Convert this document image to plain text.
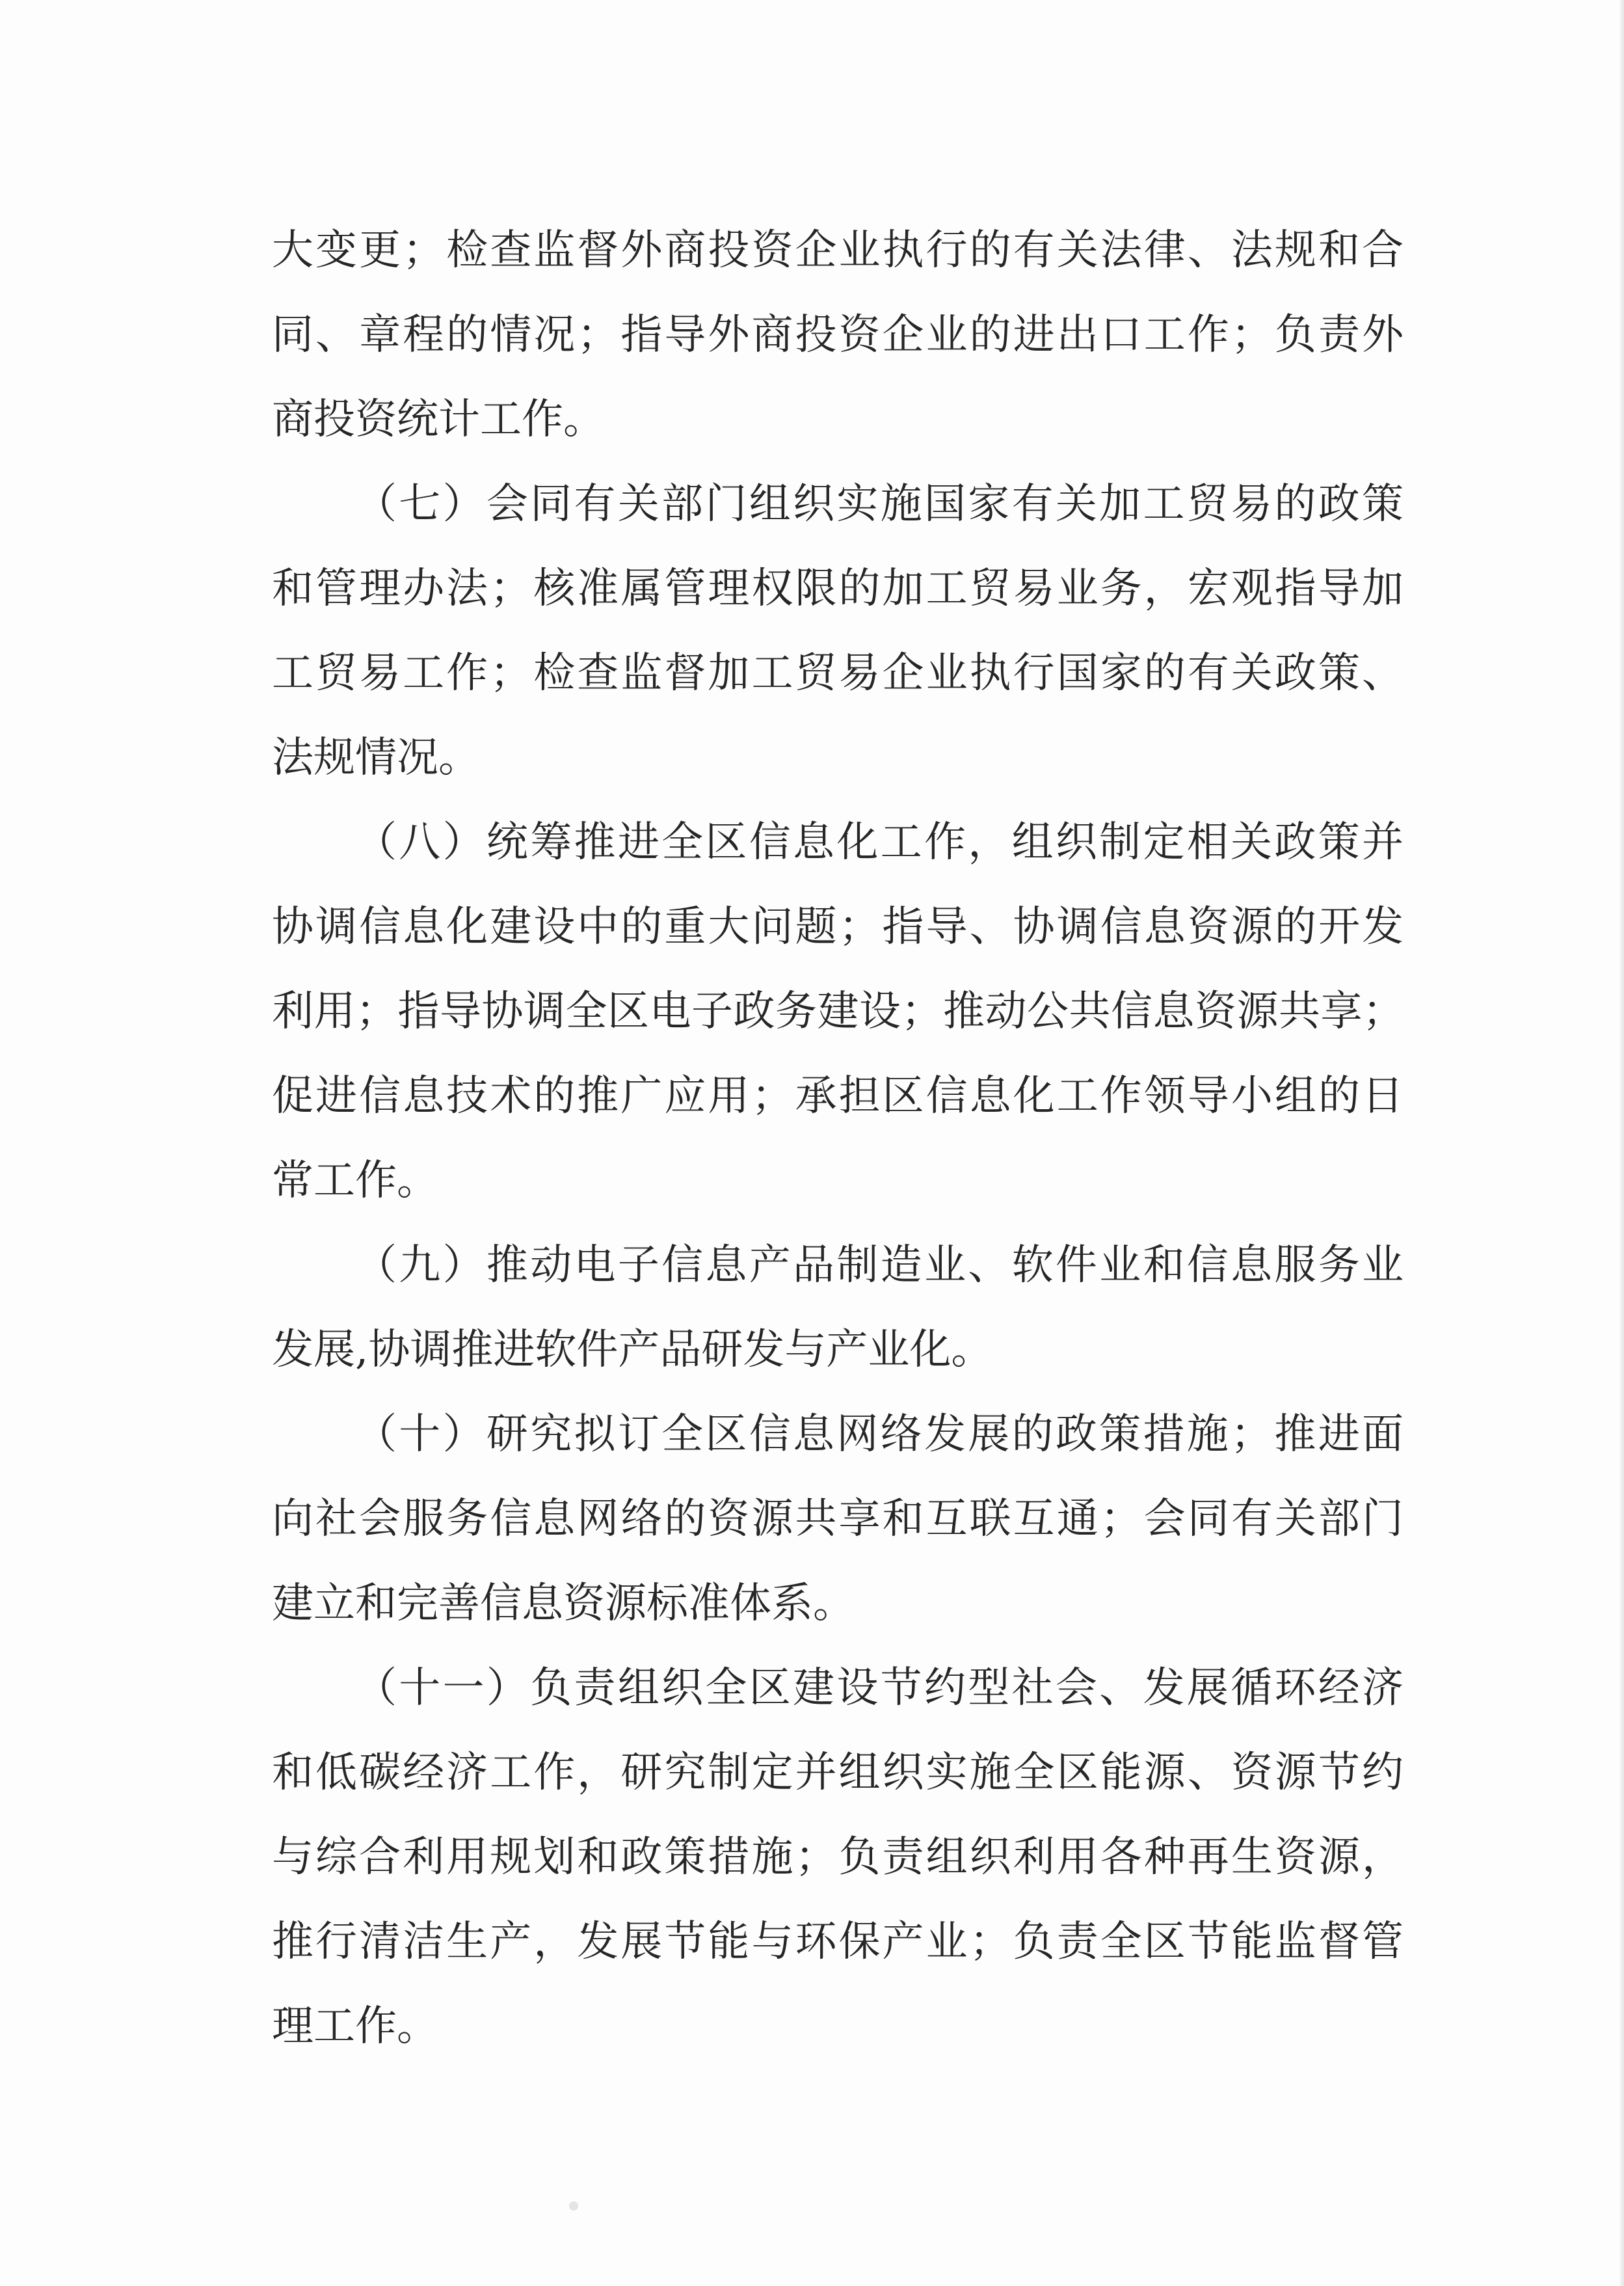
大变更；检查监督外商投资企业执行的有关法律、法规和合
同、章程的情况；指导外商投资企业的进出口工作；负责外
商投资统计工作。
（七）会同有关部门组织实施国家有关加工贸易的政策
和管理办法；核准属管理权限的加工贸易业务，宏观指导加
工贸易工作；检查监督加工贸易企业执行国家的有关政策、
法规情况。
（八）统筹推进全区信息化工作，组织制定相关政策并
协调信息化建设中的重大问题；指导、协调信息资源的开发
利用；指导协调全区电子政务建设；推动公共信息资源共享；
促进信息技术的推广应用；承担区信息化工作领导小组的日
常工作。
（九）推动电子信息产品制造业、软件业和信息服务业
发展,协调推进软件产品研发与产业化。
（十）研究拟订全区信息网络发展的政策措施；推进面
向社会服务信息网络的资源共享和互联互通；会同有关部门
建立和完善信息资源标准体系。
（十一）负责组织全区建设节约型社会、发展循环经济
和低碳经济工作，研究制定并组织实施全区能源、资源节约
与综合利用规划和政策措施；负责组织利用各种再生资源，
推行清洁生产，发展节能与环保产业；负责全区节能监督管
理工作。
